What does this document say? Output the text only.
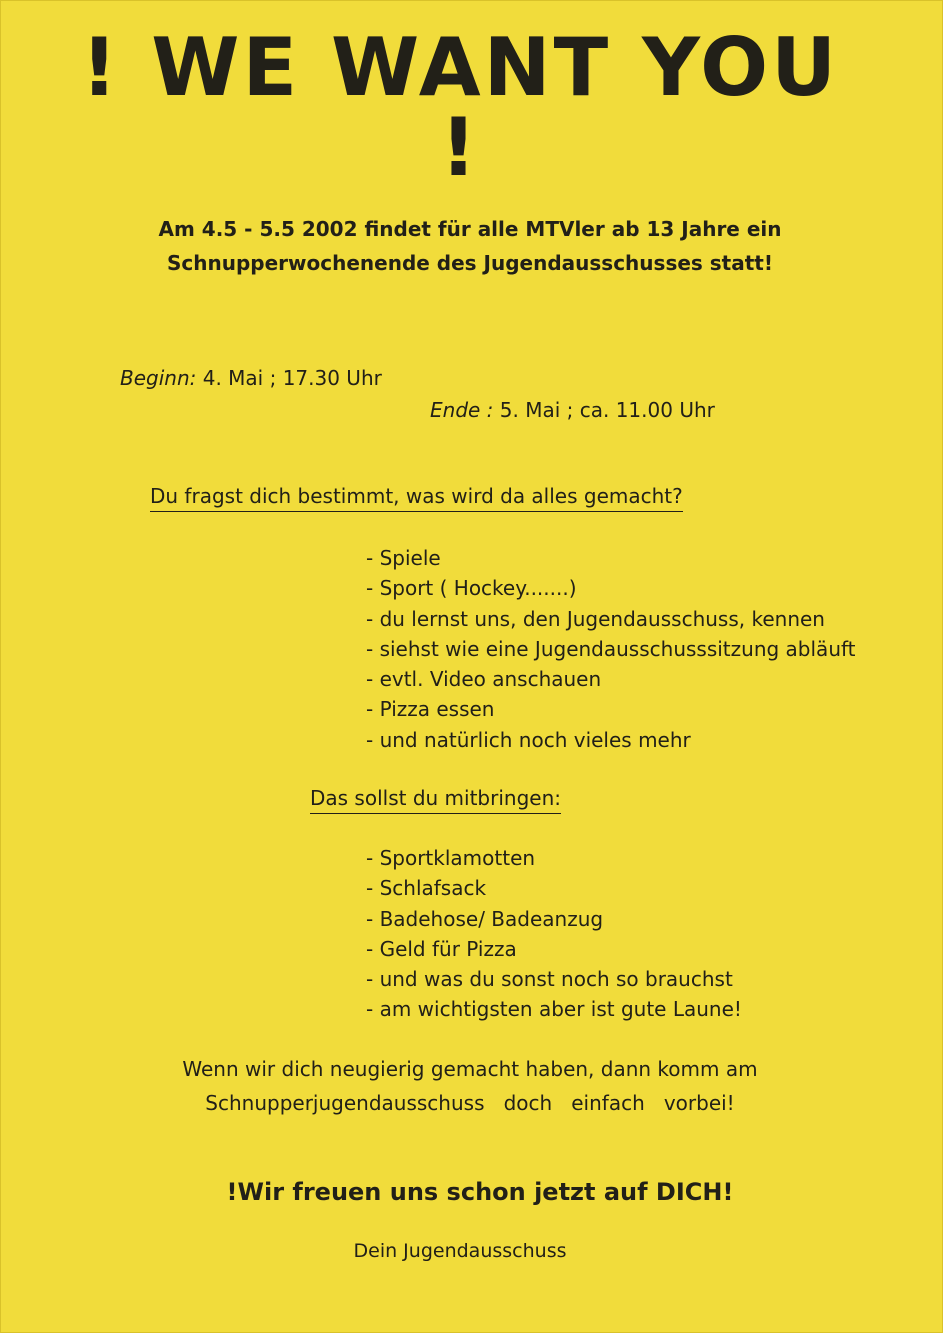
! WE WANT YOU !
Am 4.5 - 5.5 2002 findet für alle MTVler ab 13 Jahre ein
Schnupperwochenende des Jugendausschusses statt!
Beginn: 4. Mai ; 17.30 Uhr
Ende : 5. Mai ; ca. 11.00 Uhr
Du fragst dich bestimmt, was wird da alles gemacht?
- Spiele
- Sport ( Hockey.......)
- du lernst uns, den Jugendausschuss, kennen
- siehst wie eine Jugendausschusssitzung abläuft
- evtl. Video anschauen
- Pizza essen
- und natürlich noch vieles mehr
Das sollst du mitbringen:
- Sportklamotten
- Schlafsack
- Badehose/ Badeanzug
- Geld für Pizza
- und was du sonst noch so brauchst
- am wichtigsten aber ist gute Laune!
Wenn wir dich neugierig gemacht haben, dann komm am
Schnupperjugendausschuss   doch   einfach   vorbei!
!Wir freuen uns schon jetzt auf DICH!
Dein Jugendausschuss
